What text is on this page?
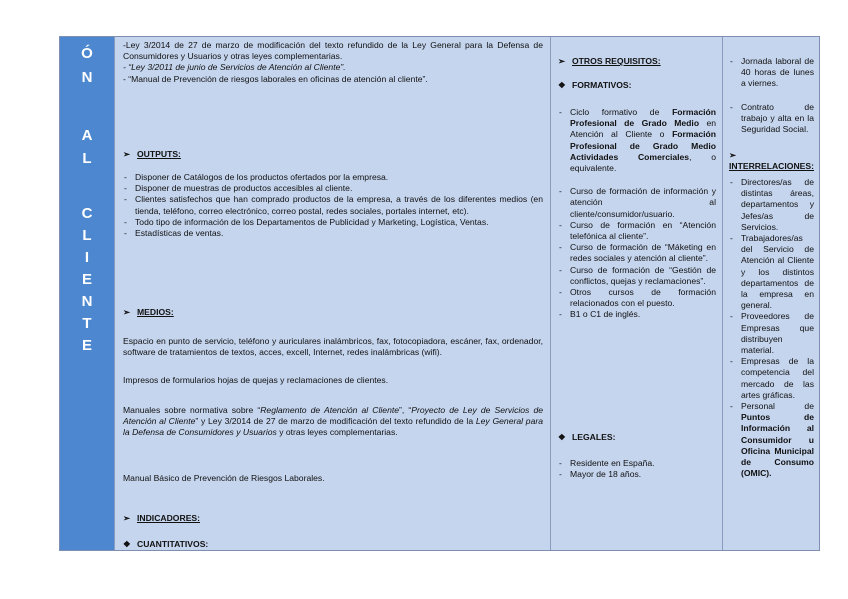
Ó
N
A
L
C
L
I
E
N
T
E
-Ley 3/2014 de 27 de marzo de modificación del texto refundido de la Ley General para la Defensa de Consumidores y Usuarios y otras leyes complementarias.
- “Ley 3/2011 de junio de Servicios de Atención al Cliente”.
- “Manual de Prevención de riesgos laborales en oficinas de atención al cliente”.
➢ OUTPUTS:
- Disponer de Catálogos de los productos ofertados por la empresa.
- Disponer de muestras de productos accesibles al cliente.
- Clientes satisfechos que han comprado productos de la empresa, a través de los diferentes medios (en tienda, teléfono, correo electrónico, correo postal, redes sociales, portales internet, etc).
- Todo tipo de información de los Departamentos de Publicidad y Marketing, Logística, Ventas.
- Estadísticas de ventas.
➢ MEDIOS:
Espacio en punto de servicio, teléfono y auriculares inalámbricos, fax, fotocopiadora, escáner, fax, ordenador, software de tratamientos de textos, acces, excell, Internet, redes inalámbricas (wifi).
Impresos de formularios hojas de quejas y reclamaciones de clientes.
Manuales sobre normativa sobre “Reglamento de Atención al Cliente”, “Proyecto de Ley de Servicios de Atención al Cliente” y Ley 3/2014 de 27 de marzo de modificación del texto refundido de la Ley General para la Defensa de Consumidores y Usuarios y otras leyes complementarias.
Manual Básico de Prevención de Riesgos Laborales.
➢ INDICADORES:
❖ CUANTITATIVOS:
➢ OTROS REQUISITOS:
❖ FORMATIVOS:
- Ciclo formativo de Formación Profesional de Grado Medio en Atención al Cliente o Formación Profesional de Grado Medio Actividades Comerciales, o equivalente.
- Curso de formación de información y atención al cliente/consumidor/usuario.
- Curso de formación en “Atención telefónica al cliente”.
- Curso de formación de “Máketing en redes sociales y atención al cliente”.
- Curso de formación de “Gestión de conflictos, quejas y reclamaciones”.
- Otros cursos de formación relacionados con el puesto.
- B1 o C1 de inglés.
❖ LEGALES:
- Residente en España.
- Mayor de 18 años.
- Jornada laboral de 40 horas de lunes a viernes.
- Contrato de trabajo y alta en la Seguridad Social.
➢INTERRELACIONES:
- Directores/as de distintas áreas, departamentos y Jefes/as de Servicios.
- Trabajadores/as del Servicio de Atención al Cliente y los distintos departamentos de la empresa en general.
- Proveedores de Empresas que distribuyen material.
- Empresas de la competencia del mercado de las artes gráficas.
- Personal de Puntos de Información al Consumidor u Oficina Municipal de Consumo (OMIC).
